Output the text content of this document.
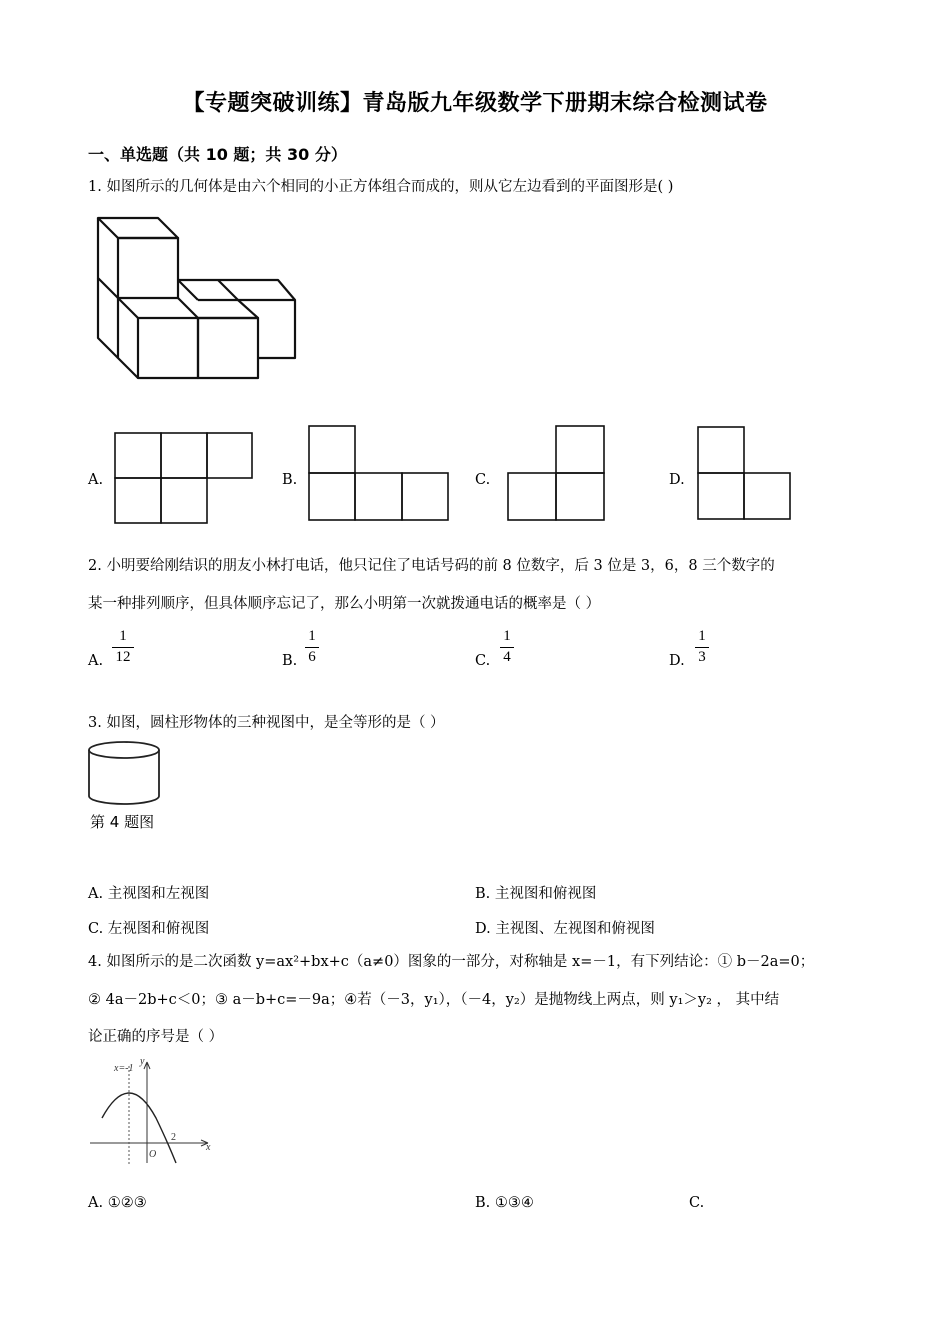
【专题突破训练】青岛版九年级数学下册期末综合检测试卷
一、单选题（共 10 题；共 30 分）
1. 如图所示的几何体是由六个相同的小正方体组合而成的，则从它左边看到的平面图形是( )
A.	B.	C.	D.
2. 小明要给刚结识的朋友小林打电话，他只记住了电话号码的前 8 位数字，后 3 位是 3，6，8 三个数字的
某一种排列顺序，但具体顺序忘记了，那么小明第一次就拨通电话的概率是（ ）
A.
1
12	B.
1
6	C.
1
4	D.
1
3
3. 如图，圆柱形物体的三种视图中，是全等形的是（ ）
第 4 题图
A. 主视图和左视图	B. 主视图和俯视图
C. 左视图和俯视图	D. 主视图、左视图和俯视图
4. 如图所示的是二次函数 y=ax²+bx+c（a≠0）图象的一部分，对称轴是 x=－1，有下列结论：① b－2a=0；
② 4a－2b+c＜0；③ a－b+c=－9a；④若（－3，y₁），（－4，y₂）是抛物线上两点，则 y₁＞y₂ ， 其中结
论正确的序号是（ ）
x=-1
y
x
O
2
A. ①②③	B. ①③④	C.
